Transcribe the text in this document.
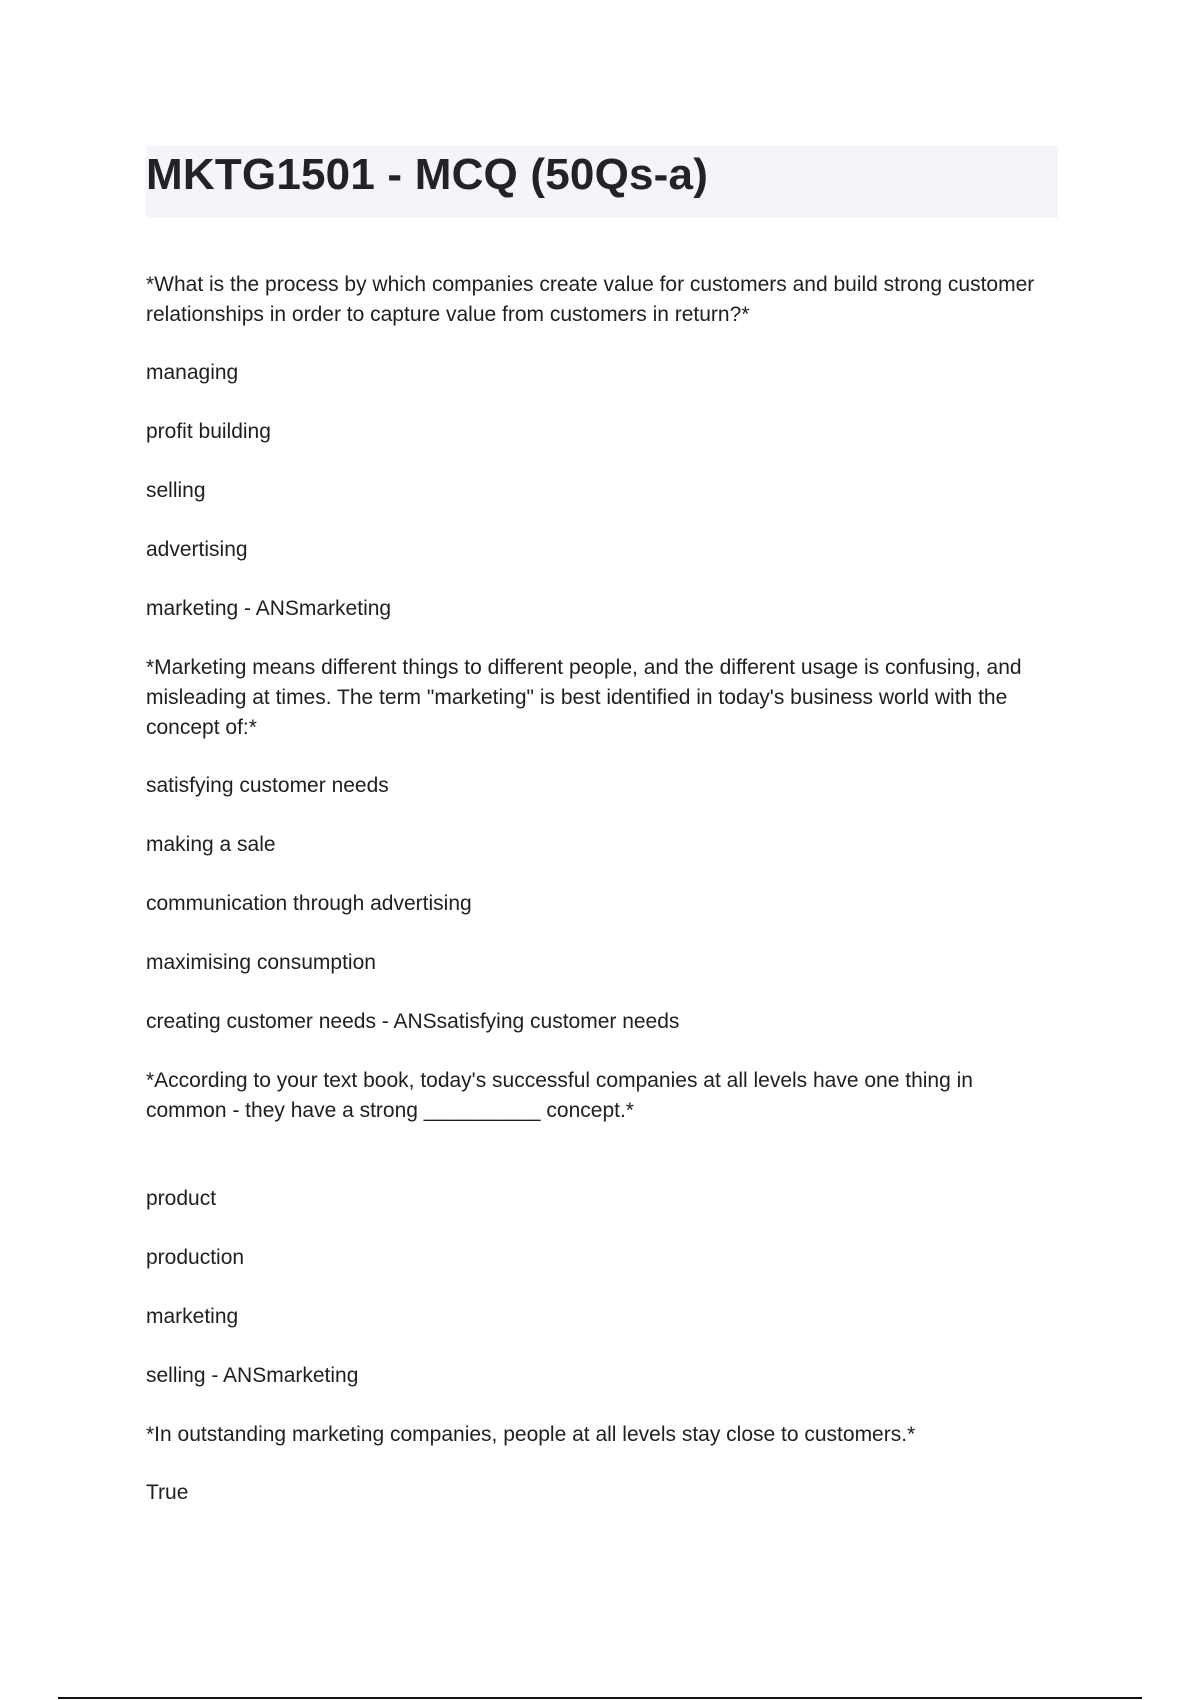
MKTG1501 - MCQ (50Qs-a)

*What is the process by which companies create value for customers and build strong customer relationships in order to capture value from customers in return?*

managing

profit building

selling

advertising

marketing - ANSmarketing

*Marketing means different things to different people, and the different usage is confusing, and misleading at times. The term "marketing" is best identified in today's business world with the concept of:*

satisfying customer needs

making a sale

communication through advertising

maximising consumption

creating customer needs - ANSsatisfying customer needs

*According to your text book, today's successful companies at all levels have one thing in common - they have a strong __________ concept.*

product

production

marketing

selling - ANSmarketing

*In outstanding marketing companies, people at all levels stay close to customers.*

True
